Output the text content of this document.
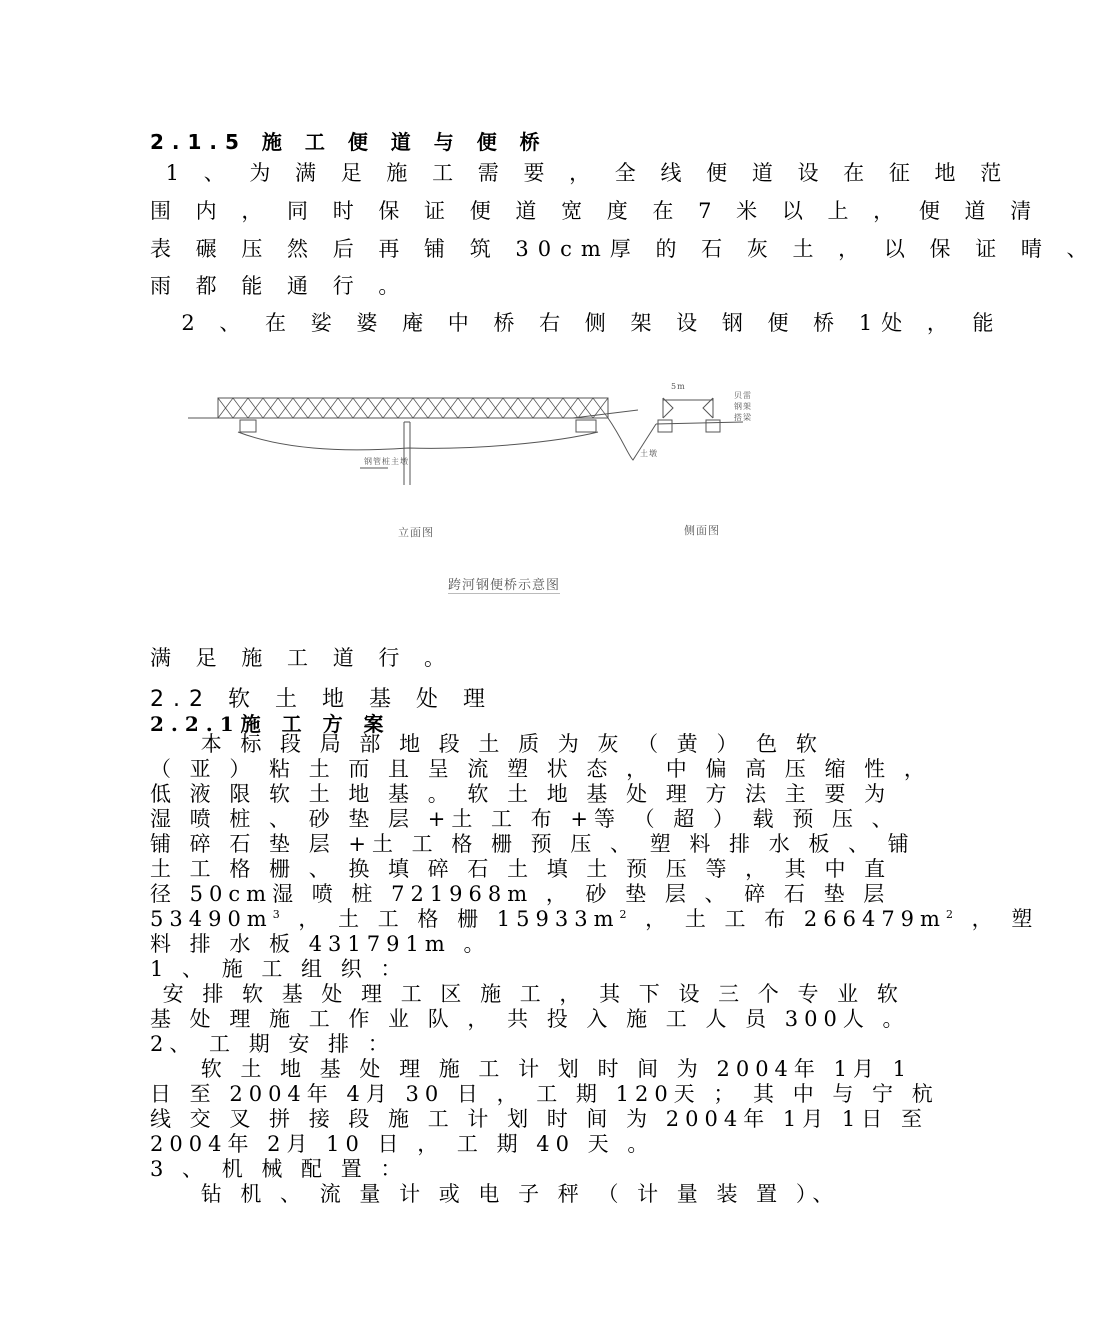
2.1.5 施 工 便 道 与 便 桥
1 、 为 满 足 施 工 需 要 ， 全 线 便 道 设 在 征 地 范
围 内 ， 同 时 保 证 便 道 宽 度 在 7 米 以 上 ， 便 道 清
表 碾 压 然 后 再 铺 筑 30cm厚 的 石 灰 土 ， 以 保 证 晴 、
雨 都 能 通 行 。
2 、 在 娑 婆 庵 中 桥 右 侧 架 设 钢 便 桥 1处 ， 能
5m
贝雷钢架搭梁
钢管桩主墩
土墩
立面图	侧面图
跨河钢便桥示意图
满 足 施 工 道 行 。
2.2 软 土 地 基 处 理
2.2.1施 工 方 案
本 标 段 局 部 地 段 土 质 为 灰 （ 黄 ） 色 软
（ 亚 ） 粘 土 而 且 呈 流 塑 状 态 ， 中 偏 高 压 缩 性 ，
低 液 限 软 土 地 基 。 软 土 地 基 处 理 方 法 主 要 为
湿 喷 桩 、 砂 垫 层 +土 工 布 +等 （ 超 ） 载 预 压 、
铺 碎 石 垫 层 +土 工 格 栅 预 压 、 塑 料 排 水 板 、 铺
土 工 格 栅 、 换 填 碎 石 土 填 土 预 压 等 ， 其 中 直
径 50cm湿 喷 桩 721968m ， 砂 垫 层 、 碎 石 垫 层
$53490m^3$ ， 土 工 格 栅 $15933m^2$ ， 土 工 布 $266479m^2$ ， 塑
料 排 水 板 431791m 。
1 、 施 工 组 织 ：
安 排 软 基 处 理 工 区 施 工 ， 其 下 设 三 个 专 业 软
基 处 理 施 工 作 业 队 ， 共 投 入 施 工 人 员 300人 。
2、 工 期 安 排 ：
软 土 地 基 处 理 施 工 计 划 时 间 为 2004年 1月 1
日 至 2004年 4月 30 日 ， 工 期 120天 ； 其 中 与 宁 杭
线 交 叉 拼 接 段 施 工 计 划 时 间 为 2004年 1月 1日 至
2004年 2月 10 日 ， 工 期 40 天 。
3 、 机 械 配 置 ：
钻 机 、 流 量 计 或 电 子 秤 （ 计 量 装 置 ）、
